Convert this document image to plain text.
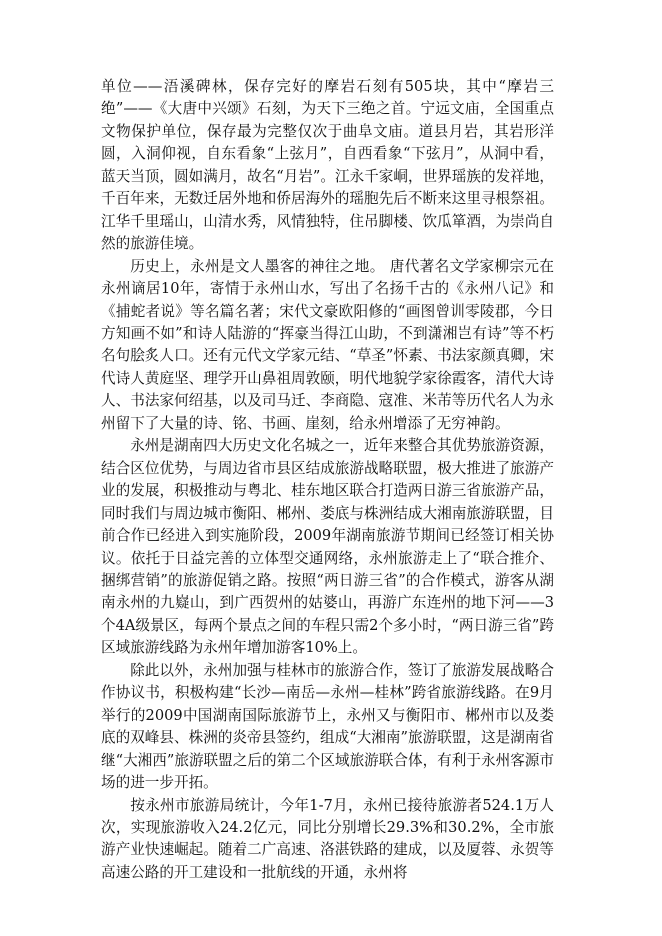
单位——浯溪碑林，保存完好的摩岩石刻有505块，其中“摩岩三绝”——《大唐中兴颂》石刻，为天下三绝之首。宁远文庙，全国重点文物保护单位，保存最为完整仅次于曲阜文庙。道县月岩，其岩形洋圆，入洞仰视，自东看象“上弦月”，自西看象“下弦月”，从洞中看，蓝天当顶，圆如满月，故名“月岩”。江永千家峒，世界瑶族的发祥地，千百年来，无数迁居外地和侨居海外的瑶胞先后不断来这里寻根祭祖。江华千里瑶山，山清水秀，风情独特，住吊脚楼、饮瓜箪酒，为崇尚自然的旅游佳境。

历史上，永州是文人墨客的神往之地。 唐代著名文学家柳宗元在永州谪居10年，寄情于永州山水，写出了名扬千古的《永州八记》和《捕蛇者说》等名篇名著；宋代文豪欧阳修的“画图曾训零陵郡，今日方知画不如”和诗人陆游的“挥豪当得江山助，不到潇湘岂有诗”等不朽名句脍炙人口。还有元代文学家元结、“草圣”怀素、书法家颜真卿，宋代诗人黄庭坚、理学开山鼻祖周敦颐，明代地貌学家徐霞客，清代大诗人、书法家何绍基，以及司马迁、李商隐、寇准、米芾等历代名人为永州留下了大量的诗、铭、书画、崖刻，给永州增添了无穷神韵。

永州是湖南四大历史文化名城之一，近年来整合其优势旅游资源，结合区位优势，与周边省市县区结成旅游战略联盟，极大推进了旅游产业的发展，积极推动与粤北、桂东地区联合打造两日游三省旅游产品，同时我们与周边城市衡阳、郴州、娄底与株洲结成大湘南旅游联盟，目前合作已经进入到实施阶段，2009年湖南旅游节期间已经签订相关协议。依托于日益完善的立体型交通网络，永州旅游走上了“联合推介、捆绑营销”的旅游促销之路。按照“两日游三省”的合作模式，游客从湖南永州的九嶷山，到广西贺州的姑婆山，再游广东连州的地下河——3个4A级景区，每两个景点之间的车程只需2个多小时，“两日游三省”跨区域旅游线路为永州年增加游客10%上。

除此以外，永州加强与桂林市的旅游合作，签订了旅游发展战略合作协议书，积极构建“长沙—南岳—永州—桂林”跨省旅游线路。在9月举行的2009中国湖南国际旅游节上，永州又与衡阳市、郴州市以及娄底的双峰县、株洲的炎帝县签约，组成“大湘南”旅游联盟，这是湖南省继“大湘西”旅游联盟之后的第二个区域旅游联合体，有利于永州客源市场的进一步开拓。

按永州市旅游局统计，今年1-7月，永州已接待旅游者524.1万人次，实现旅游收入24.2亿元，同比分别增长29.3%和30.2%，全市旅游产业快速崛起。随着二广高速、洛湛铁路的建成，以及厦蓉、永贺等高速公路的开工建设和一批航线的开通，永州将
